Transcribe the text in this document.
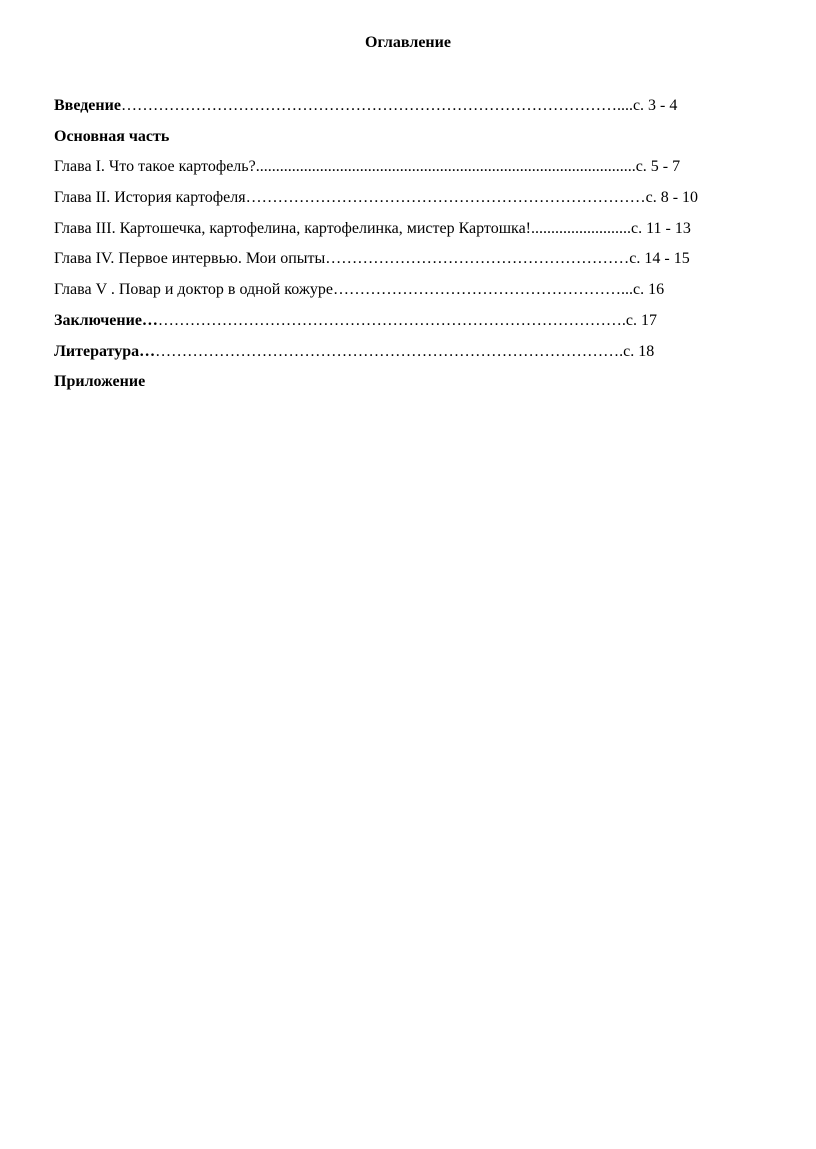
Оглавление
Введение…………………………………………………………………………………....с. 3 - 4
Основная часть
Глава I. Что такое картофель?...............................................................................................с. 5 - 7
Глава II. История картофеля…………………………………………………………………с. 8 - 10
Глава III. Картошечка, картофелина, картофелинка, мистер Картошка!.........................с. 11 - 13
Глава IV. Первое интервью. Мои опыты…………………………………………………с. 14 - 15
Глава V . Повар и доктор в одной кожуре………………………………………………...с. 16
Заключение……………………………………………………………………………….с. 17
Литература……………………………………………………………………………….с. 18
Приложение
